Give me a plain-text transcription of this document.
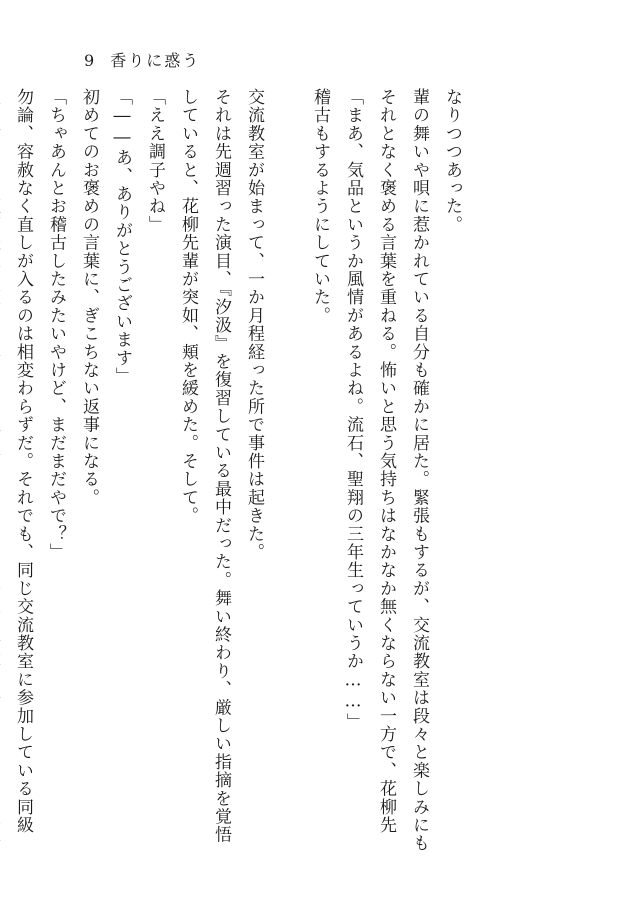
9 香りに惑う

なりつつあった。

輩の舞いや唄に惹かれている自分も確かに居た。緊張もするが、交流教室は段々と楽しみにも

それとなく褒める言葉を重ねる。怖いと思う気持ちはなかなか無くならない一方で、花柳先

「まあ、気品というか風情があるよね。流石、聖翔の三年生っていうか……」

稽古もするようにしていた。

交流教室が始まって、一か月程経った所で事件は起きた。

それは先週習った演目、『汐汲』を復習している最中だった。舞い終わり、厳しい指摘を覚悟

していると、花柳先輩が突如、頬を緩めた。そして。

「ええ調子やね」

「――あ、ありがとうございます」

初めてのお褒めの言葉に、ぎこちない返事になる。

「ちゃあんとお稽古したみたいやけど、まだまだやで？」

勿論、容赦なく直しが入るのは相変わらずだ。それでも、同じ交流教室に参加している同級
